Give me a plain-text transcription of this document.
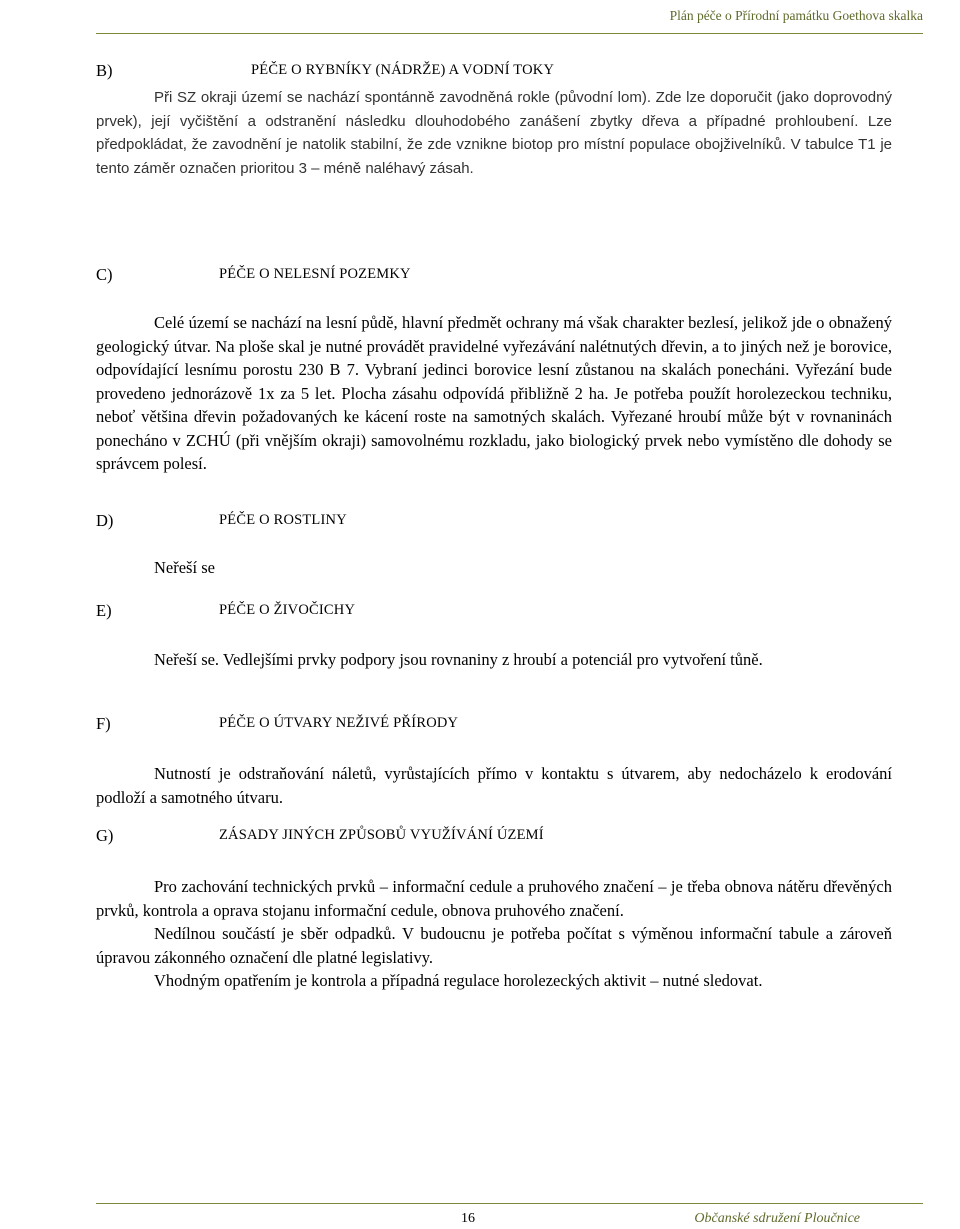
Plán péče o Přírodní památku Goethova skalka
B)	PÉČE O RYBNÍKY (NÁDRŽE) A VODNÍ TOKY

Při SZ okraji území se nachází spontánně zavodněná rokle (původní lom). Zde lze doporučit (jako doprovodný prvek), její vyčištění a odstranění následku dlouhodobého zanášení zbytky dřeva a případné prohloubení. Lze předpokládat, že zavodnění je natolik stabilní, že zde vznikne biotop pro místní populace obojživelníků. V tabulce T1 je tento záměr označen prioritou 3 – méně naléhavý zásah.

C)	PÉČE O NELESNÍ POZEMKY

Celé území se nachází na lesní půdě, hlavní předmět ochrany má však charakter bezlesí, jelikož jde o obnažený geologický útvar. Na ploše skal je nutné provádět pravidelné vyřezávání nalétnutých dřevin, a to jiných než je borovice, odpovídající lesnímu porostu 230 B 7. Vybraní jedinci borovice lesní zůstanou na skalách ponecháni. Vyřezání bude provedeno jednorázově 1x za 5 let. Plocha zásahu odpovídá přibližně 2 ha. Je potřeba použít horolezeckou techniku, neboť většina dřevin požadovaných ke kácení roste na samotných skalách. Vyřezané hroubí může být v rovnaninách ponecháno v ZCHÚ (při vnějším okraji) samovolnému rozkladu, jako biologický prvek nebo vymístěno dle dohody se správcem polesí.

D)	PÉČE O ROSTLINY
Neřeší se
E)	PÉČE O ŽIVOČICHY
Neřeší se. Vedlejšími prvky podpory jsou rovnaniny z hroubí a potenciál pro vytvoření tůně.
F)	PÉČE O ÚTVARY NEŽIVÉ PŘÍRODY

Nutností je odstraňování náletů, vyrůstajících přímo v kontaktu s útvarem, aby nedocházelo k erodování podloží a samotného útvaru.

G)	ZÁSADY JINÝCH ZPŮSOBŮ VYUŽÍVÁNÍ ÚZEMÍ

Pro zachování technických prvků – informační cedule a pruhového značení – je třeba obnova nátěru dřevěných prvků, kontrola a oprava stojanu informační cedule, obnova pruhového značení.

Nedílnou součástí je sběr odpadků. V budoucnu je potřeba počítat s výměnou informační tabule a zároveň úpravou zákonného označení dle platné legislativy.

Vhodným opatřením je kontrola a případná regulace horolezeckých aktivit – nutné sledovat.

16	Občanské sdružení Ploučnice
